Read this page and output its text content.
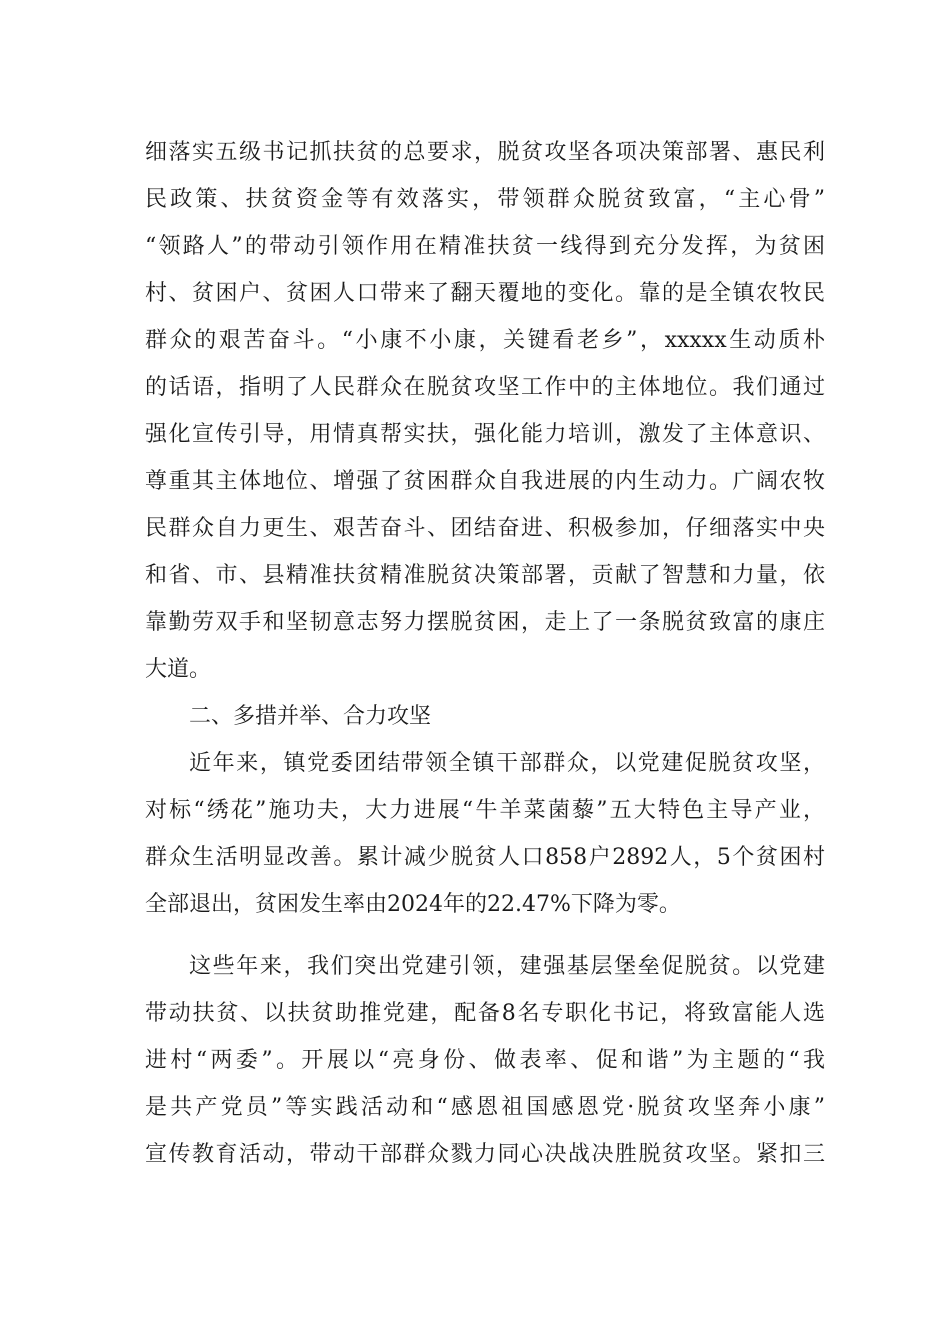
细落实五级书记抓扶贫的总要求，脱贫攻坚各项决策部署、惠民利
民政策、扶贫资金等有效落实，带领群众脱贫致富，“主心骨”
“领路人”的带动引领作用在精准扶贫一线得到充分发挥，为贫困
村、贫困户、贫困人口带来了翻天覆地的变化。靠的是全镇农牧民
群众的艰苦奋斗。“小康不小康，关键看老乡”，xxxxx生动质朴
的话语，指明了人民群众在脱贫攻坚工作中的主体地位。我们通过
强化宣传引导，用情真帮实扶，强化能力培训，激发了主体意识、
尊重其主体地位、增强了贫困群众自我进展的内生动力。广阔农牧
民群众自力更生、艰苦奋斗、团结奋进、积极参加，仔细落实中央
和省、市、县精准扶贫精准脱贫决策部署，贡献了智慧和力量，依
靠勤劳双手和坚韧意志努力摆脱贫困，走上了一条脱贫致富的康庄
大道。
二、多措并举、合力攻坚
近年来，镇党委团结带领全镇干部群众，以党建促脱贫攻坚，
对标“绣花”施功夫，大力进展“牛羊菜菌藜”五大特色主导产业，
群众生活明显改善。累计减少脱贫人口858户2892人，5个贫困村
全部退出，贫困发生率由2024年的22.47%下降为零。
这些年来，我们突出党建引领，建强基层堡垒促脱贫。以党建
带动扶贫、以扶贫助推党建，配备8名专职化书记，将致富能人选
进村“两委”。开展以“亮身份、做表率、促和谐”为主题的“我
是共产党员”等实践活动和“感恩祖国感恩党·脱贫攻坚奔小康”
宣传教育活动，带动干部群众戮力同心决战决胜脱贫攻坚。紧扣三
